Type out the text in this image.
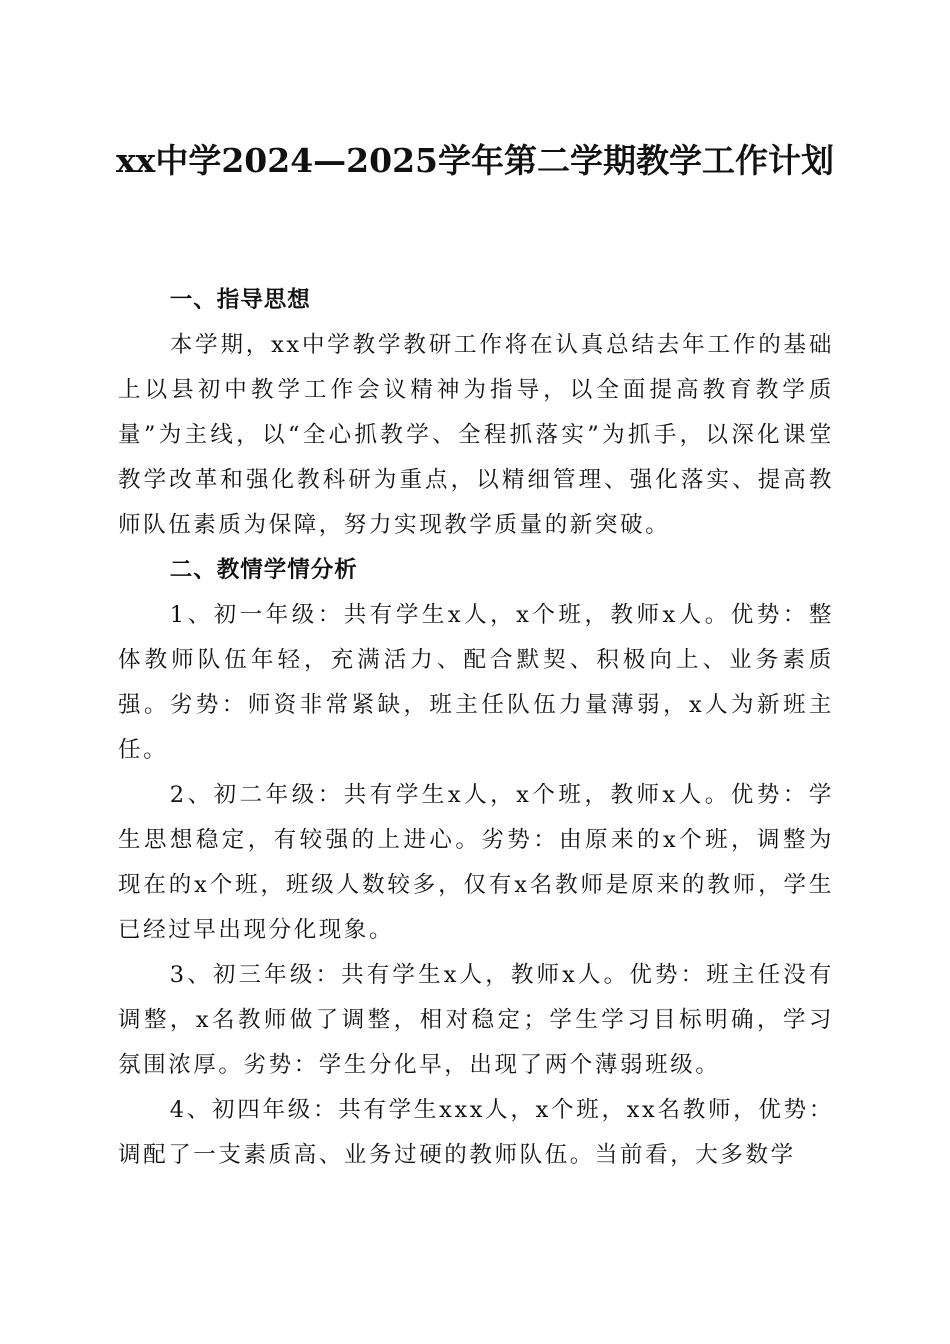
xx中学2024—2025学年第二学期教学工作计划
一、指导思想

本学期，xx中学教学教研工作将在认真总结去年工作的基础上以县初中教学工作会议精神为指导，以全面提高教育教学质量”为主线，以“全心抓教学、全程抓落实”为抓手，以深化课堂教学改革和强化教科研为重点，以精细管理、强化落实、提高教师队伍素质为保障，努力实现教学质量的新突破。

二、教情学情分析

1、初一年级：共有学生x人，x个班，教师x人。优势：整体教师队伍年轻，充满活力、配合默契、积极向上、业务素质强。劣势：师资非常紧缺，班主任队伍力量薄弱，x人为新班主任。

2、初二年级：共有学生x人，x个班，教师x人。优势：学生思想稳定，有较强的上进心。劣势：由原来的x个班，调整为现在的x个班，班级人数较多，仅有x名教师是原来的教师，学生已经过早出现分化现象。

3、初三年级：共有学生x人，教师x人。优势：班主任没有调整，x名教师做了调整，相对稳定；学生学习目标明确，学习氛围浓厚。劣势：学生分化早，出现了两个薄弱班级。

4、初四年级：共有学生xxx人，x个班，xx名教师，优势：调配了一支素质高、业务过硬的教师队伍。当前看，大多数学
